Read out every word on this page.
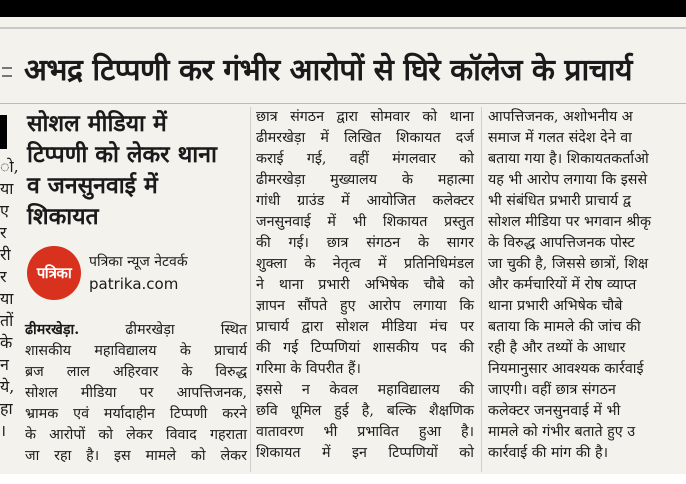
अभद्र टिप्पणी कर गंभीर आरोपों से घिरे कॉलेज के प्राचार्य
ो,
या
ए
र
री
र
या
तों
के
न
ये,
हा
।
सोशल मीडिया में
टिप्पणी को लेकर थाना
व जनसुनवाई में
शिकायत
पत्रिका
पत्रिका न्यूज नेटवर्क
patrika.com
ढीमरखेड़ा. ढीमरखेड़ा स्थित
शासकीय महाविद्यालय के प्राचार्य
ब्रज लाल अहिरवार के विरुद्ध
सोशल मीडिया पर आपत्तिजनक,
भ्रामक एवं मर्यादाहीन टिप्पणी करने
के आरोपों को लेकर विवाद गहराता
जा रहा है। इस मामले को लेकर
छात्र संगठन द्वारा सोमवार को थाना
ढीमरखेड़ा में लिखित शिकायत दर्ज
कराई गई, वहीं मंगलवार को
ढीमरखेड़ा मुख्यालय के महात्मा
गांधी ग्राउंड में आयोजित कलेक्टर
जनसुनवाई में भी शिकायत प्रस्तुत
की गई। छात्र संगठन के सागर
शुक्ला के नेतृत्व में प्रतिनिधिमंडल
ने थाना प्रभारी अभिषेक चौबे को
ज्ञापन सौंपते हुए आरोप लगाया कि
प्राचार्य द्वारा सोशल मीडिया मंच पर
की गई टिप्पणियां शासकीय पद की
गरिमा के विपरीत हैं।
इससे न केवल महाविद्यालय की
छवि धूमिल हुई है, बल्कि शैक्षणिक
वातावरण भी प्रभावित हुआ है।
शिकायत में इन टिप्पणियों को
आपत्तिजनक, अशोभनीय अ
समाज में गलत संदेश देने वा
बताया गया है। शिकायतकर्ताओ
यह भी आरोप लगाया कि इससे
भी संबंधित प्रभारी प्राचार्य द्व
सोशल मीडिया पर भगवान श्रीकृ
के विरुद्ध आपत्तिजनक पोस्ट
जा चुकी है, जिससे छात्रों, शिक्ष
और कर्मचारियों में रोष व्याप्त
थाना प्रभारी अभिषेक चौबे
बताया कि मामले की जांच की
रही है और तथ्यों के आधार
नियमानुसार आवश्यक कार्रवाई
जाएगी। वहीं छात्र संगठन
कलेक्टर जनसुनवाई में भी
मामले को गंभीर बताते हुए उ
कार्रवाई की मांग की है।
